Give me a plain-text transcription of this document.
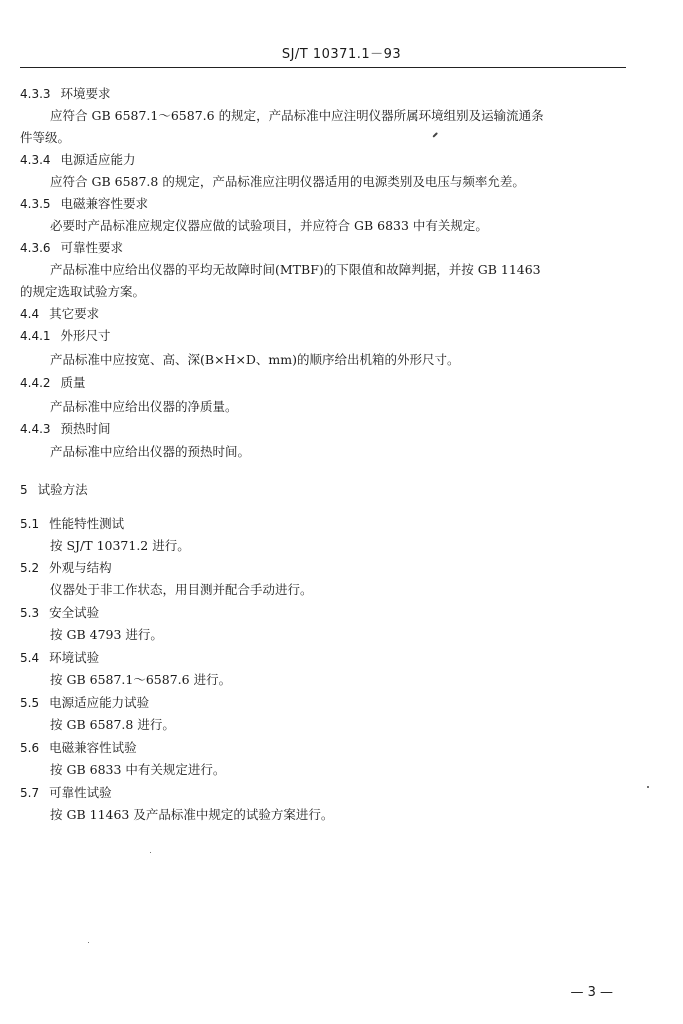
SJ/T 10371.1－93
4.3.3 环境要求
应符合 GB 6587.1～6587.6 的规定，产品标准中应注明仪器所属环境组别及运输流通条
件等级。
4.3.4 电源适应能力
应符合 GB 6587.8 的规定，产品标准应注明仪器适用的电源类别及电压与频率允差。
4.3.5 电磁兼容性要求
必要时产品标准应规定仪器应做的试验项目，并应符合 GB 6833 中有关规定。
4.3.6 可靠性要求
产品标准中应给出仪器的平均无故障时间(MTBF)的下限值和故障判据，并按 GB 11463
的规定选取试验方案。
4.4 其它要求
4.4.1 外形尺寸
产品标准中应按宽、高、深(B×H×D、mm)的顺序给出机箱的外形尺寸。
4.4.2 质量
产品标准中应给出仪器的净质量。
4.4.3 预热时间
产品标准中应给出仪器的预热时间。
5 试验方法
5.1 性能特性测试
按 SJ/T 10371.2 进行。
5.2 外观与结构
仪器处于非工作状态，用目测并配合手动进行。
5.3 安全试验
按 GB 4793 进行。
5.4 环境试验
按 GB 6587.1～6587.6 进行。
5.5 电源适应能力试验
按 GB 6587.8 进行。
5.6 电磁兼容性试验
按 GB 6833 中有关规定进行。
5.7 可靠性试验
按 GB 11463 及产品标准中规定的试验方案进行。
— 3 —
